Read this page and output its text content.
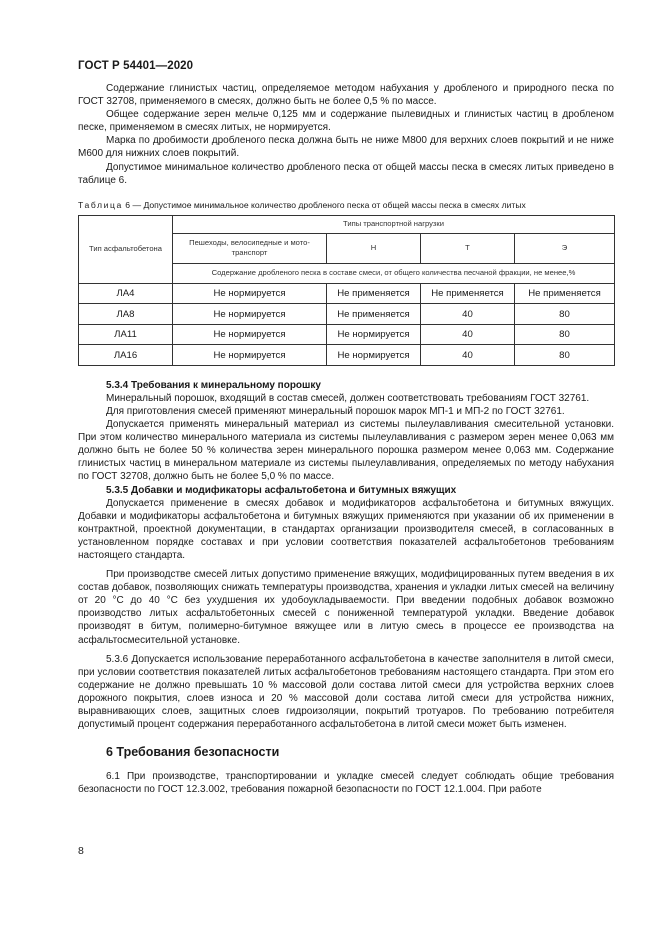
ГОСТ Р 54401—2020

Содержание глинистых частиц, определяемое методом набухания у дробленого и природного песка по ГОСТ 32708, применяемого в смесях, должно быть не более 0,5 % по массе.

Общее содержание зерен мельче 0,125 мм и содержание пылевидных и глинистых частиц в дробленом песке, применяемом в смесях литых, не нормируется.

Марка по дробимости дробленого песка должна быть не ниже М800 для верхних слоев покрытий и не ниже М600 для нижних слоев покрытий.

Допустимое минимальное количество дробленого песка от общей массы песка в смесях литых приведено в таблице 6.

Таблица 6 — Допустимое минимальное количество дробленого песка от общей массы песка в смесях литых
Тип асфальтобетона	Типы транспортной нагрузки			
	Пешеходы, велосипедные и мото-транспорт	Н	Т	Э
	Содержание дробленого песка в составе смеси, от общего количества песчаной фракции, не менее,%			
ЛА4	Не нормируется	Не применяется	Не применяется	Не применяется
ЛА8	Не нормируется	Не применяется	40	80
ЛА11	Не нормируется	Не нормируется	40	80
ЛА16	Не нормируется	Не нормируется	40	80
5.3.4 Требования к минеральному порошку

Минеральный порошок, входящий в состав смесей, должен соответствовать требованиям ГОСТ 32761.

Для приготовления смесей применяют минеральный порошок марок МП-1 и МП-2 по ГОСТ 32761.

Допускается применять минеральный материал из системы пылеулавливания смесительной установки. При этом количество минерального материала из системы пылеулавливания с размером зерен менее 0,063 мм должно быть не более 50 % количества зерен минерального порошка размером менее 0,063 мм. Содержание глинистых частиц в минеральном материале из системы пылеулавливания, определяемых по методу набухания по ГОСТ 32708, должно быть не более 5,0 % по массе.

5.3.5 Добавки и модификаторы асфальтобетона и битумных вяжущих

Допускается применение в смесях добавок и модификаторов асфальтобетона и битумных вяжущих. Добавки и модификаторы асфальтобетона и битумных вяжущих применяются при указании об их применении в контрактной, проектной документации, в стандартах организации производителя смесей, в согласованных в установленном порядке составах и при условии соответствия показателей асфальтобетонов требованиям настоящего стандарта.

При производстве смесей литых допустимо применение вяжущих, модифицированных путем введения в их состав добавок, позволяющих снижать температуры производства, хранения и укладки литых смесей на величину от 20 °С до 40 °С без ухудшения их удобоукладываемости. При введении подобных добавок возможно производство литых асфальтобетонных смесей с пониженной температурой укладки. Введение добавок производят в битум, полимерно-битумное вяжущее или в литую смесь в процессе ее производства на асфальтосмесительной установке.

5.3.6 Допускается использование переработанного асфальтобетона в качестве заполнителя в литой смеси, при условии соответствия показателей литых асфальтобетонов требованиям настоящего стандарта. При этом его содержание не должно превышать 10 % массовой доли состава литой смеси для устройства верхних слоев дорожного покрытия, слоев износа и 20 % массовой доли состава литой смеси для устройства нижних, выравнивающих слоев, защитных слоев гидроизоляции, покрытий тротуаров. По требованию потребителя допустимый процент содержания переработанного асфальтобетона в литой смеси может быть изменен.

6 Требования безопасности

6.1 При производстве, транспортировании и укладке смесей следует соблюдать общие требования безопасности по ГОСТ 12.3.002, требования пожарной безопасности по ГОСТ 12.1.004. При работе

8
